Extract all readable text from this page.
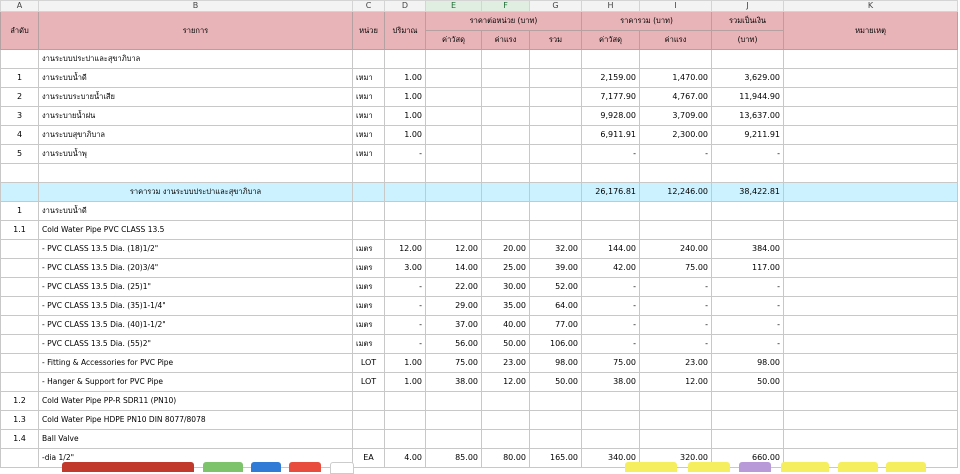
A	B	C	D	E	F	G	H	I	J	K
ลำดับ	รายการ	หน่วย	ปริมาณ	ราคาต่อหน่วย (บาท)			ราคารวม (บาท)		รวมเป็นเงิน	หมายเหตุ
				ค่าวัสดุ	ค่าแรง	รวม	ค่าวัสดุ	ค่าแรง	(บาท)	
	งานระบบประปาและสุขาภิบาล									
1	งานระบบน้ำดี	เหมา	1.00				2,159.00	1,470.00	3,629.00	
2	งานระบบระบายน้ำเสีย	เหมา	1.00				7,177.90	4,767.00	11,944.90	
3	งานระบายน้ำฝน	เหมา	1.00				9,928.00	3,709.00	13,637.00	
4	งานระบบสุขาภิบาล	เหมา	1.00				6,911.91	2,300.00	9,211.91	
5	งานระบบน้ำพุ	เหมา	-				-	-	-	

	ราคารวม งานระบบประปาและสุขาภิบาล						26,176.81	12,246.00	38,422.81	
1	งานระบบน้ำดี									
1.1	Cold Water Pipe PVC CLASS 13.5									
	- PVC CLASS 13.5 Dia. (18)1/2"	เมตร	12.00	12.00	20.00	32.00	144.00	240.00	384.00	
	- PVC CLASS 13.5 Dia. (20)3/4"	เมตร	3.00	14.00	25.00	39.00	42.00	75.00	117.00	
	- PVC CLASS 13.5 Dia. (25)1"	เมตร	-	22.00	30.00	52.00	-	-	-	
	- PVC CLASS 13.5 Dia. (35)1-1/4"	เมตร	-	29.00	35.00	64.00	-	-	-	
	- PVC CLASS 13.5 Dia. (40)1-1/2"	เมตร	-	37.00	40.00	77.00	-	-	-	
	- PVC CLASS 13.5 Dia. (55)2"	เมตร	-	56.00	50.00	106.00	-	-	-	
	- Fitting & Accessories for PVC Pipe	LOT	1.00	75.00	23.00	98.00	75.00	23.00	98.00	
	- Hanger & Support for PVC Pipe	LOT	1.00	38.00	12.00	50.00	38.00	12.00	50.00	
1.2	Cold Water Pipe PP-R SDR11 (PN10)									
1.3	Cold Water Pipe HDPE PN10 DIN 8077/8078									
1.4	Ball Valve									
	-dia 1/2"	EA	4.00	85.00	80.00	165.00	340.00	320.00	660.00	
